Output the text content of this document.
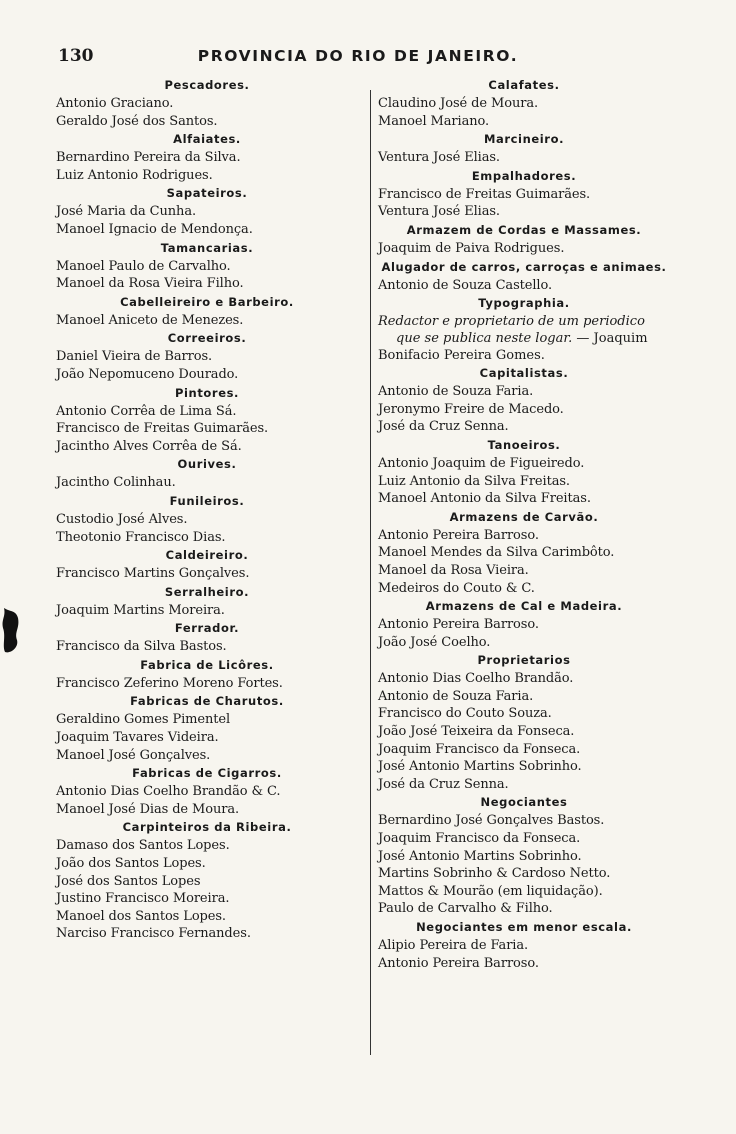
130	PROVINCIA DO RIO DE JANEIRO.
Pescadores.
Antonio Graciano.
Geraldo José dos Santos.
Alfaiates.
Bernardino Pereira da Silva.
Luiz Antonio Rodrigues.
Sapateiros.
José Maria da Cunha.
Manoel Ignacio de Mendonça.
Tamancarias.
Manoel Paulo de Carvalho.
Manoel da Rosa Vieira Filho.
Cabelleireiro e Barbeiro.
Manoel Aniceto de Menezes.
Correeiros.
Daniel Vieira de Barros.
João Nepomuceno Dourado.
Pintores.
Antonio Corrêa de Lima Sá.
Francisco de Freitas Guimarães.
Jacintho Alves Corrêa de Sá.
Ourives.
Jacintho Colinhau.
Funileiros.
Custodio José Alves.
Theotonio Francisco Dias.
Caldeireiro.
Francisco Martins Gonçalves.
Serralheiro.
Joaquim Martins Moreira.
Ferrador.
Francisco da Silva Bastos.
Fabrica de Licôres.
Francisco Zeferino Moreno Fortes.
Fabricas de Charutos.
Geraldino Gomes Pimentel
Joaquim Tavares Videira.
Manoel José Gonçalves.
Fabricas de Cigarros.
Antonio Dias Coelho Brandão & C.
Manoel José Dias de Moura.
Carpinteiros da Ribeira.
Damaso dos Santos Lopes.
João dos Santos Lopes.
José dos Santos Lopes
Justino Francisco Moreira.
Manoel dos Santos Lopes.
Narciso Francisco Fernandes.
Calafates.
Claudino José de Moura.
Manoel Mariano.
Marcineiro.
Ventura José Elias.
Empalhadores.
Francisco de Freitas Guimarães.
Ventura José Elias.
Armazem de Cordas e Massames.
Joaquim de Paiva Rodrigues.
Alugador de carros, carroças e animaes.
Antonio de Souza Castello.
Typographia.
Redactor e proprietario de um periodico
que se publica neste logar. — Joaquim
Bonifacio Pereira Gomes.
Capitalistas.
Antonio de Souza Faria.
Jeronymo Freire de Macedo.
José da Cruz Senna.
Tanoeiros.
Antonio Joaquim de Figueiredo.
Luiz Antonio da Silva Freitas.
Manoel Antonio da Silva Freitas.
Armazens de Carvão.
Antonio Pereira Barroso.
Manoel Mendes da Silva Carimbôto.
Manoel da Rosa Vieira.
Medeiros do Couto & C.
Armazens de Cal e Madeira.
Antonio Pereira Barroso.
João José Coelho.
Proprietarios
Antonio Dias Coelho Brandão.
Antonio de Souza Faria.
Francisco do Couto Souza.
João José Teixeira da Fonseca.
Joaquim Francisco da Fonseca.
José Antonio Martins Sobrinho.
José da Cruz Senna.
Negociantes
Bernardino José Gonçalves Bastos.
Joaquim Francisco da Fonseca.
José Antonio Martins Sobrinho.
Martins Sobrinho & Cardoso Netto.
Mattos & Mourão (em liquidação).
Paulo de Carvalho & Filho.
Negociantes em menor escala.
Alipio Pereira de Faria.
Antonio Pereira Barroso.
